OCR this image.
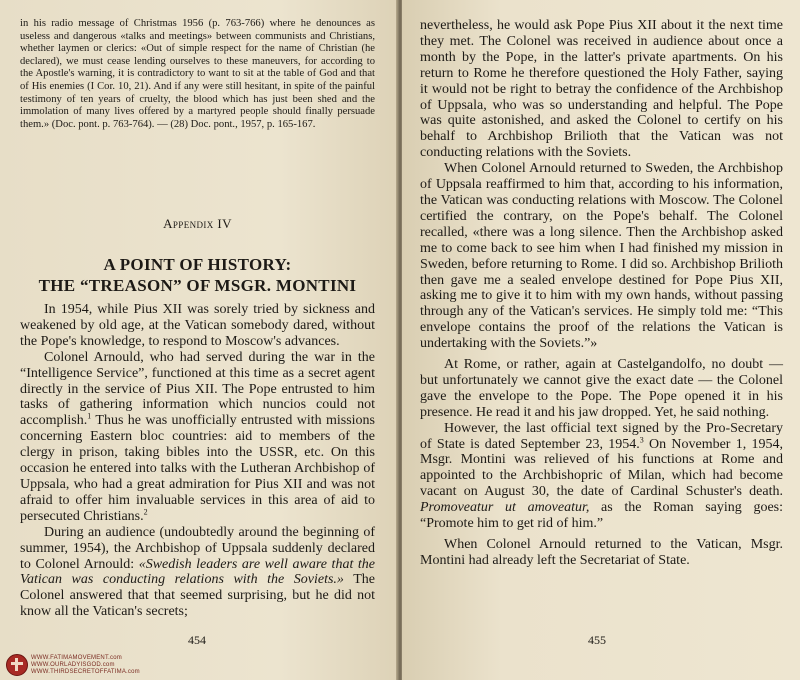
in his radio message of Christmas 1956 (p. 763-766) where he denounces as useless and dangerous «talks and meetings» between communists and Christians, whether laymen or clerics: «Out of simple respect for the name of Christian (he declared), we must cease lending ourselves to these maneuvers, for according to the Apostle's warning, it is contradictory to want to sit at the table of God and that of His enemies (I Cor. 10, 21). And if any were still hesitant, in spite of the painful testimony of ten years of cruelty, the blood which has just been shed and the immolation of many lives offered by a martyred people should finally persuade them.» (Doc. pont. p. 763-764). — (28) Doc. pont., 1957, p. 165-167.

Appendix IV
A POINT OF HISTORY:
THE “TREASON” OF MSGR. MONTINI

In 1954, while Pius XII was sorely tried by sickness and weakened by old age, at the Vatican somebody dared, without the Pope's knowledge, to respond to Moscow's advances.

Colonel Arnould, who had served during the war in the “Intelligence Service”, functioned at this time as a secret agent directly in the service of Pius XII. The Pope entrusted to him tasks of gathering information which nuncios could not accomplish.$^1$ Thus he was unofficially entrusted with missions concerning Eastern bloc countries: aid to members of the clergy in prison, taking bibles into the USSR, etc. On this occasion he entered into talks with the Lutheran Archbishop of Uppsala, who had a great admiration for Pius XII and was not afraid to offer him invaluable services in this area of aid to persecuted Christians.$^2$

During an audience (undoubtedly around the beginning of summer, 1954), the Archbishop of Uppsala suddenly declared to Colonel Arnould: «Swedish leaders are well aware that the Vatican was conducting relations with the Soviets.» The Colonel answered that that seemed surprising, but he did not know all the Vatican's secrets;

454
WWW.FATIMAMOVEMENT.com
WWW.OURLADYISGOD.com
WWW.THIRDSECRETOFFATIMA.com

nevertheless, he would ask Pope Pius XII about it the next time they met. The Colonel was received in audience about once a month by the Pope, in the latter's private apartments. On his return to Rome he therefore questioned the Holy Father, saying it would not be right to betray the confidence of the Archbishop of Uppsala, who was so understanding and helpful. The Pope was quite astonished, and asked the Colonel to certify on his behalf to Archbishop Brilioth that the Vatican was not conducting relations with the Soviets.

When Colonel Arnould returned to Sweden, the Archbishop of Uppsala reaffirmed to him that, according to his information, the Vatican was conducting relations with Moscow. The Colonel certified the contrary, on the Pope's behalf. The Colonel recalled, «there was a long silence. Then the Archbishop asked me to come back to see him when I had finished my mission in Sweden, before returning to Rome. I did so. Archbishop Brilioth then gave me a sealed envelope destined for Pope Pius XII, asking me to give it to him with my own hands, without passing through any of the Vatican's services. He simply told me: “This envelope contains the proof of the relations the Vatican is undertaking with the Soviets.”»

At Rome, or rather, again at Castelgandolfo, no doubt — but unfortunately we cannot give the exact date — the Colonel gave the envelope to the Pope. The Pope opened it in his presence. He read it and his jaw dropped. Yet, he said nothing.

However, the last official text signed by the Pro-Secretary of State is dated September 23, 1954.$^3$ On November 1, 1954, Msgr. Montini was relieved of his functions at Rome and appointed to the Archbishopric of Milan, which had become vacant on August 30, the date of Cardinal Schuster's death. Promoveatur ut amoveatur, as the Roman saying goes: “Promote him to get rid of him.”

When Colonel Arnould returned to the Vatican, Msgr. Montini had already left the Secretariat of State.

455
